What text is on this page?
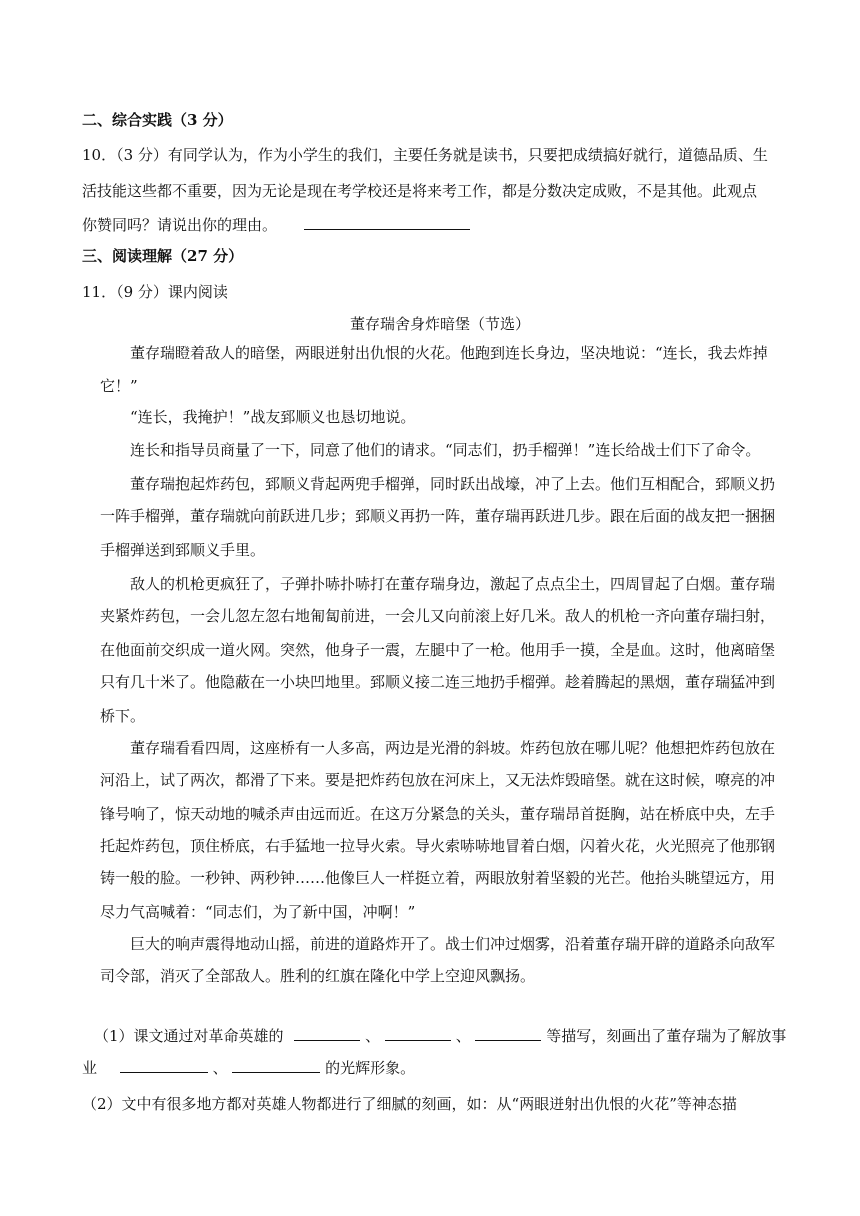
二、综合实践（3 分）
10．（3 分）有同学认为，作为小学生的我们，主要任务就是读书，只要把成绩搞好就行，道德品质、生
活技能这些都不重要，因为无论是现在考学校还是将来考工作，都是分数决定成败，不是其他。此观点
你赞同吗？请说出你的理由。
三、阅读理解（27 分）
11．（9 分）课内阅读
董存瑞舍身炸暗堡（节选）
董存瑞瞪着敌人的暗堡，两眼迸射出仇恨的火花。他跑到连长身边，坚决地说：“连长，我去炸掉
它！”
“连长，我掩护！”战友郅顺义也恳切地说。
连长和指导员商量了一下，同意了他们的请求。“同志们，扔手榴弹！”连长给战士们下了命令。
董存瑞抱起炸药包，郅顺义背起两兜手榴弹，同时跃出战壕，冲了上去。他们互相配合，郅顺义扔
一阵手榴弹，董存瑞就向前跃进几步；郅顺义再扔一阵，董存瑞再跃进几步。跟在后面的战友把一捆捆
手榴弹送到郅顺义手里。
敌人的机枪更疯狂了，子弹扑哧扑哧打在董存瑞身边，激起了点点尘土，四周冒起了白烟。董存瑞
夹紧炸药包，一会儿忽左忽右地匍匐前进，一会儿又向前滚上好几米。敌人的机枪一齐向董存瑞扫射，
在他面前交织成一道火网。突然，他身子一震，左腿中了一枪。他用手一摸，全是血。这时，他离暗堡
只有几十米了。他隐蔽在一小块凹地里。郅顺义接二连三地扔手榴弹。趁着腾起的黑烟，董存瑞猛冲到
桥下。
董存瑞看看四周，这座桥有一人多高，两边是光滑的斜坡。炸药包放在哪儿呢？他想把炸药包放在
河沿上，试了两次，都滑了下来。要是把炸药包放在河床上，又无法炸毁暗堡。就在这时候，嘹亮的冲
锋号响了，惊天动地的喊杀声由远而近。在这万分紧急的关头，董存瑞昂首挺胸，站在桥底中央，左手
托起炸药包，顶住桥底，右手猛地一拉导火索。导火索哧哧地冒着白烟，闪着火花，火光照亮了他那钢
铸一般的脸。一秒钟、两秒钟……他像巨人一样挺立着，两眼放射着坚毅的光芒。他抬头眺望远方，用
尽力气高喊着：“同志们，为了新中国，冲啊！”
巨大的响声震得地动山摇，前进的道路炸开了。战士们冲过烟雾，沿着董存瑞开辟的道路杀向敌军
司令部，消灭了全部敌人。胜利的红旗在隆化中学上空迎风飘扬。
（1）课文通过对革命英雄的	、	、	等描写，刻画出了董存瑞为了解放事
业	、	的光辉形象。
（2）文中有很多地方都对英雄人物都进行了细腻的刻画，如：从“两眼迸射出仇恨的火花”等神态描
